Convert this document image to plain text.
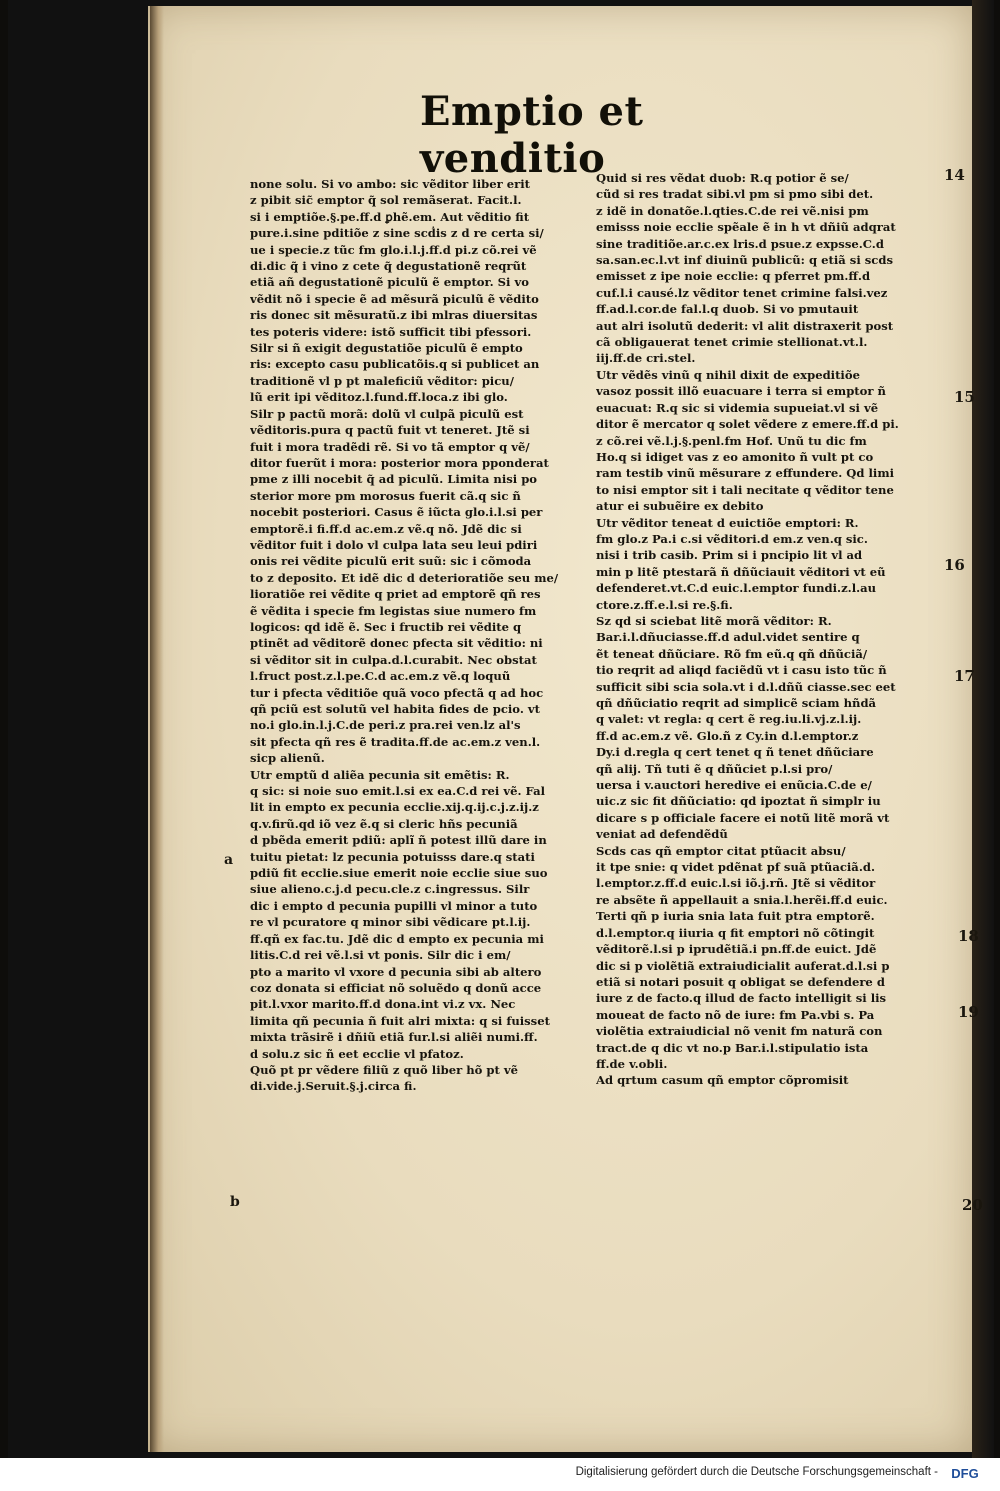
Emptio et venditio

none solu. Si vo ambo: sic vẽditor liber erit

z pibit sic̃ emptor q̃ sol remãserat. Facit.l.

si i emptiõe.§.pe.ff.d ꝑhẽ.em. Aut vẽditio fit

pure.i.sine pditiõe z sine scḋis z d re certa si/

ue i specie.z tũc fm glo.i.l.j.ff.d pi.z cõ.rei vẽ

di.dic q̃ i vino z cete q̃ degustationẽ reqrũt

etiã añ degustationẽ piculũ ẽ emptor. Si vo

vẽdit nõ i specie ẽ ad mẽsurã piculũ ẽ vẽdito

ris donec sit mẽsuratũ.z ibi mlras diuersitas

tes poteris videre: istõ sufficit tibi pfessori.

Silr si ñ exigit degustatiõe piculũ ẽ empto

ris: excepto casu publicatõis.q si publicet an

traditionẽ vl p pt maleficiũ vẽditor: picu/

lũ erit ipi vẽditoz.l.fund.ff.loca.z ibi glo.

Silr p pactũ morã: dolũ vl culpã piculũ est

vẽditoris.pura q pactũ fuit vt teneret. Jtẽ si

fuit i mora tradẽdi rẽ. Si vo tã emptor q vẽ/

ditor fuerũt i mora: posterior mora pponderat

pme z illi nocebit q̃ ad piculũ. Limita nisi po

sterior more pm morosus fuerit cã.q sic ñ

nocebit posteriori. Casus ẽ iũcta glo.i.l.si per

emptorẽ.i fi.ff.d ac.em.z vẽ.q nõ. Jdẽ dic si

vẽditor fuit i dolo vl culpa lata seu leui pdiri

onis rei vẽdite piculũ erit suũ: sic i cõmoda

to z deposito. Et idẽ dic d deterioratiõe seu me/

lioratiõe rei vẽdite q priet ad emptorẽ qñ res

ẽ vẽdita i specie fm legistas siue numero fm

logicos: qd idẽ ẽ. Sec i fructib rei vẽdite q

ptinẽt ad vẽditorẽ donec pfecta sit vẽditio: ni

si vẽditor sit in culpa.d.l.curabit. Nec obstat

l.fruct post.z.l.pe.C.d ac.em.z vẽ.q loquũ

tur i pfecta vẽditiõe quã voco pfectã q ad hoc

qñ pciũ est solutũ vel habita fides de pcio. vt

no.i glo.in.l.j.C.de peri.z pra.rei ven.lz al's

sit pfecta qñ res ẽ tradita.ff.de ac.em.z ven.l.

sicp alienũ.

Utr emptũ d aliẽa pecunia sit emẽtis: R.

q sic: si noie suo emit.l.si ex ea.C.d rei vẽ. Fal

lit in empto ex pecunia ecclie.xij.q.ij.c.j.z.ij.z

q.v.firũ.qd iõ vez ẽ.q si cleric hñs pecuniã

d pbẽda emerit pdiũ: aplĩ ñ potest illũ dare in

tuitu pietat: lz pecunia potuisss dare.q stati

pdiũ fit ecclie.siue emerit noie ecclie siue suo

siue alieno.c.j.d pecu.cle.z c.ingressus. Silr

dic i empto d pecunia pupilli vl minor a tuto

re vl pcuratore q minor sibi vẽdicare pt.l.ij.

ff.qñ ex fac.tu. Jdẽ dic d empto ex pecunia mi

litis.C.d rei vẽ.l.si vt ponis. Silr dic i em/

pto a marito vl vxore d pecunia sibi ab altero

coz donata si efficiat nõ soluẽdo q donũ acce

pit.l.vxor marito.ff.d dona.int vi.z vx. Nec

limita qñ pecunia ñ fuit alri mixta: q si fuisset

mixta trãsirẽ i dñiũ etiã fur.l.si aliẽi numi.ff.

d solu.z sic ñ eet ecclie vl pfatoz.

Quõ pt pr vẽdere filiũ z quõ liber hõ pt vẽ

di.vide.j.Seruit.§.j.circa fi.

Quid si res vẽdat duob: R.q potior ẽ se/

cũd si res tradat sibi.vl pm si pmo sibi det.

z idẽ in donatõe.l.qties.C.de rei vẽ.nisi pm

emisss noie ecclie spẽale ẽ in h vt dñiũ adqrat

sine traditiõe.ar.c.ex lris.d psue.z expsse.C.d

sa.san.ec.l.vt inf diuinũ publicũ: q etiã si scds

emisset z ipe noie ecclie: q pferret pm.ff.d

cuf.l.i causé.lz vẽditor tenet crimine falsi.vez

ff.ad.l.cor.de fal.l.q duob. Si vo pmutauit

aut alri isolutũ dederit: vl alit distraxerit post

cã obligauerat tenet crimie stellionat.vt.l.

iij.ff.de cri.stel.

Utr vẽdẽs vinũ q nihil dixit de expeditiõe

vasoz possit illõ euacuare i terra si emptor ñ

euacuat: R.q sic si videmia supueiat.vl si vẽ

ditor ẽ mercator q solet vẽdere z emere.ff.d pi.

z cõ.rei vẽ.l.j.§.penl.fm Hof. Unũ tu dic fm

Ho.q si idiget vas z eo amonito ñ vult pt co

ram testib vinũ mẽsurare z effundere. Qd limi

to nisi emptor sit i tali necitate q vẽditor tene

atur ei subuẽire ex debito

Utr vẽditor teneat d euictiõe emptori: R.

fm glo.z Pa.i c.si vẽditori.d em.z ven.q sic.

nisi i trib casib. Prim si i pncipio lit vl ad

min p litẽ ptestarã ñ dñũciauit vẽditori vt eũ

defenderet.vt.C.d euic.l.emptor fundi.z.l.au

ctore.z.ff.e.l.si re.§.fi.

Sz qd si sciebat litẽ morã vẽditor: R.

Bar.i.l.dñuciasse.ff.d adul.videt sentire q

ẽt teneat dñũciare. Rõ fm eũ.q qñ dñũciã/

tio reqrit ad aliqd faciẽdũ vt i casu isto tũc ñ

sufficit sibi scia sola.vt i d.l.dñũ ciasse.sec eet

qñ dñũciatio reqrit ad simplicẽ sciam hñdã

q valet: vt regla: q cert ẽ reg.iu.li.vj.z.l.ij.

ff.d ac.em.z vẽ. Glo.ñ z Cy.in d.l.emptor.z

Dy.i d.regla q cert tenet q ñ tenet dñũciare

qñ alij. Tñ tuti ẽ q dñũciet p.l.si pro/

uersa i v.auctori heredive ei enũcia.C.de e/

uic.z sic fit dñũciatio: qd ipoztat ñ simplr iu

dicare s p officiale facere ei notũ litẽ morã vt

veniat ad defendẽdũ

Scds cas qñ emptor citat ptũacit absu/

it tpe snie: q videt pdẽnat pf suã ptũaciã.d.

l.emptor.z.ff.d euic.l.si iõ.j.rñ. Jtẽ si vẽditor

re absẽte ñ appellauit a snia.l.herẽi.ff.d euic.

Terti qñ p iuria snia lata fuit ptra emptorẽ.

d.l.emptor.q iiuria q fit emptori nõ cõtingit

vẽditorẽ.l.si p iprudẽtiã.i pn.ff.de euict. Jdẽ

dic si p violẽtiã extraiudicialit auferat.d.l.si p

etiã si notari posuit q obligat se defendere d

iure z de facto.q illud de facto intelligit si lis

moueat de facto nõ de iure: fm Pa.vbi s. Pa

violẽtia extraiudicial nõ venit fm naturã con

tract.de q dic vt no.p Bar.i.l.stipulatio ista

ff.de v.obli.

Ad qrtum casum qñ emptor cõpromisit

14
15
16
17
18
19
20
a
b
Digitalisierung gefördert durch die Deutsche Forschungsgemeinschaft - DFG
